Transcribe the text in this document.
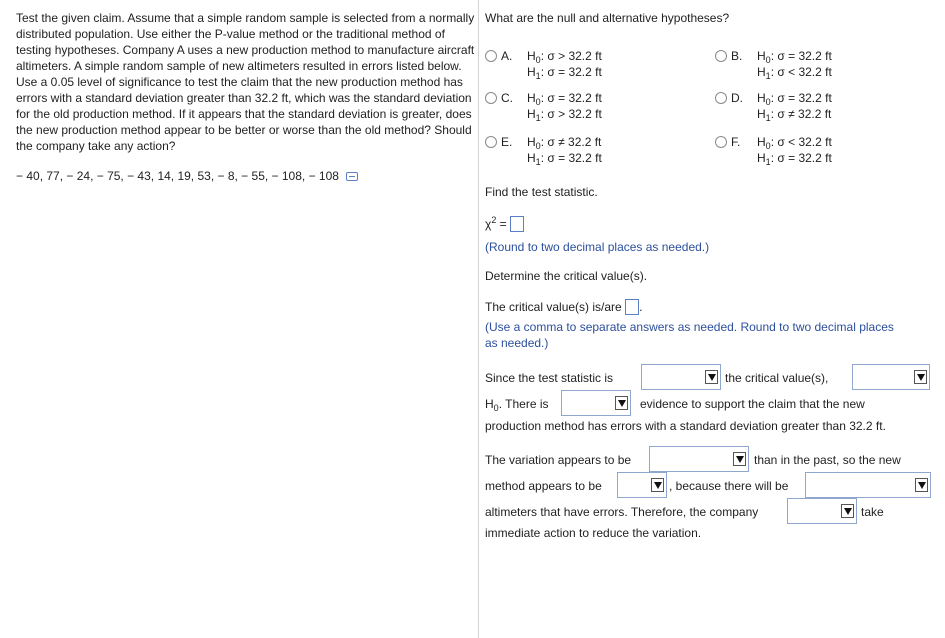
Test the given claim. Assume that a simple random sample is selected from a normally distributed population. Use either the P-value method or the traditional method of testing hypotheses. Company A uses a new production method to manufacture aircraft altimeters. A simple random sample of new altimeters resulted in errors listed below. Use a 0.05 level of significance to test the claim that the new production method has errors with a standard deviation greater than 32.2 ft, which was the standard deviation for the old production method. If it appears that the standard deviation is greater, does the new production method appear to be better or worse than the old method? Should the company take any action?

− 40, 77, − 24, − 75, − 43, 14, 19, 53, − 8, − 55, − 108, − 108

What are the null and alternative hypotheses?
A. $H_0$: σ > 32.2 ft
$H_1$: σ = 32.2 ft
B. $H_0$: σ = 32.2 ft
$H_1$: σ < 32.2 ft
C. $H_0$: σ = 32.2 ft
$H_1$: σ > 32.2 ft
D. $H_0$: σ = 32.2 ft
$H_1$: σ ≠ 32.2 ft
E. $H_0$: σ ≠ 32.2 ft
$H_1$: σ = 32.2 ft
F. $H_0$: σ < 32.2 ft
$H_1$: σ = 32.2 ft
Find the test statistic.
$\chi^2$ =
(Round to two decimal places as needed.)
Determine the critical value(s).
The critical value(s) is/are .
(Use a comma to separate answers as needed. Round to two decimal places
as needed.)
Since the test statistic is	the critical value(s),
$H_0$. There is	evidence to support the claim that the new
production method has errors with a standard deviation greater than 32.2 ft.
The variation appears to be	than in the past, so the new
method appears to be	, because there will be
altimeters that have errors. Therefore, the company	take
immediate action to reduce the variation.
